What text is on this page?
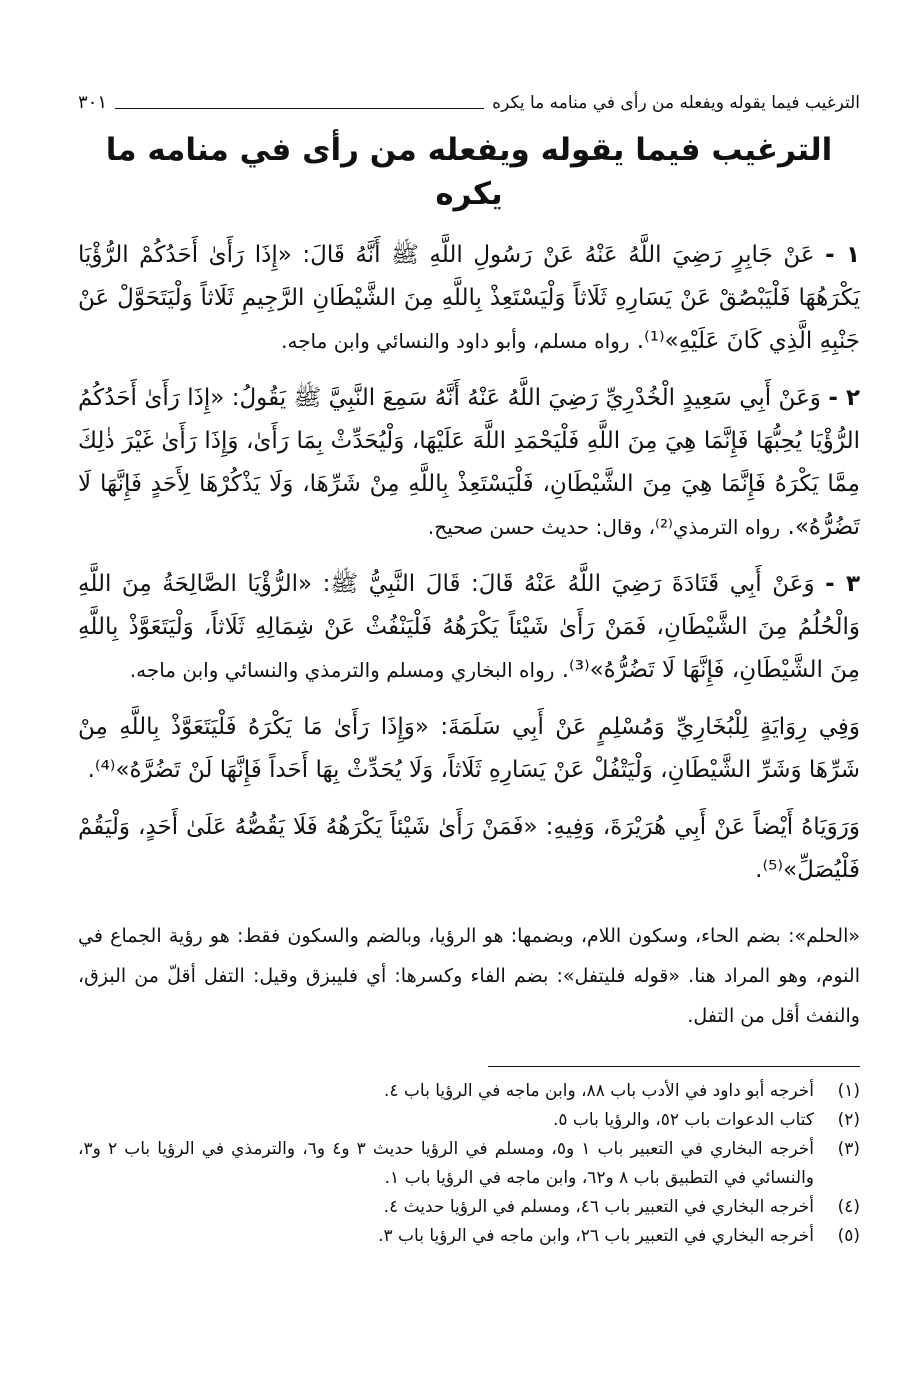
الترغيب فيما يقوله ويفعله من رأى في منامه ما يكره
٣٠١
الترغيب فيما يقوله ويفعله من رأى في منامه ما يكره

١ - عَنْ جَابِرٍ رَضِيَ اللَّهُ عَنْهُ عَنْ رَسُولِ اللَّهِ ﷺ أَنَّهُ قَالَ: «إِذَا رَأَىٰ أَحَدُكُمْ الرُّؤْيَا يَكْرَهُهَا فَلْيَبْصُقْ عَنْ يَسَارِهِ ثَلَاثاً وَلْيَسْتَعِذْ بِاللَّهِ مِنَ الشَّيْطَانِ الرَّجِيمِ ثَلَاثاً وَلْيَتَحَوَّلْ عَنْ جَنْبِهِ الَّذِي كَانَ عَلَيْهِ»⁽¹⁾. رواه مسلم، وأبو داود والنسائي وابن ماجه.

٢ - وَعَنْ أَبِي سَعِيدٍ الْخُدْرِيِّ رَضِيَ اللَّهُ عَنْهُ أَنَّهُ سَمِعَ النَّبِيَّ ﷺ يَقُولُ: «إِذَا رَأَىٰ أَحَدُكُمُ الرُّؤْيَا يُحِبُّهَا فَإِنَّمَا هِيَ مِنَ اللَّهِ فَلْيَحْمَدِ اللَّهَ عَلَيْهَا، وَلْيُحَدِّثْ بِمَا رَأَىٰ، وَإِذَا رَأَىٰ غَيْرَ ذٰلِكَ مِمَّا يَكْرَهُ فَإِنَّمَا هِيَ مِنَ الشَّيْطَانِ، فَلْيَسْتَعِذْ بِاللَّهِ مِنْ شَرِّهَا، وَلَا يَذْكُرْهَا لِأَحَدٍ فَإِنَّهَا لَا تَضُرُّهُ». رواه الترمذي⁽²⁾، وقال: حديث حسن صحيح.

٣ - وَعَنْ أَبِي قَتَادَةَ رَضِيَ اللَّهُ عَنْهُ قَالَ: قَالَ النَّبِيُّ ﷺ: «الرُّؤْيَا الصَّالِحَةُ مِنَ اللَّهِ وَالْحُلُمُ مِنَ الشَّيْطَانِ، فَمَنْ رَأَىٰ شَيْئاً يَكْرَهُهُ فَلْيَنْفُثْ عَنْ شِمَالِهِ ثَلَاثاً، وَلْيَتَعَوَّذْ بِاللَّهِ مِنَ الشَّيْطَانِ، فَإِنَّهَا لَا تَضُرُّهُ»⁽³⁾. رواه البخاري ومسلم والترمذي والنسائي وابن ماجه.

وَفِي رِوَايَةٍ لِلْبُخَارِيِّ وَمُسْلِمٍ عَنْ أَبِي سَلَمَةَ: «وَإِذَا رَأَىٰ مَا يَكْرَهُ فَلْيَتَعَوَّذْ بِاللَّهِ مِنْ شَرِّهَا وَشَرِّ الشَّيْطَانِ، وَلْيَتْفُلْ عَنْ يَسَارِهِ ثَلَاثاً، وَلَا يُحَدِّثْ بِهَا أَحَداً فَإِنَّهَا لَنْ تَضُرَّهُ»⁽⁴⁾.

وَرَوَيَاهُ أَيْضاً عَنْ أَبِي هُرَيْرَةَ، وَفِيهِ: «فَمَنْ رَأَىٰ شَيْئاً يَكْرَهُهُ فَلَا يَقُصُّهُ عَلَىٰ أَحَدٍ، وَلْيَقُمْ فَلْيُصَلِّ»⁽⁵⁾.

«الحلم»: بضم الحاء، وسكون اللام، وبضمها: هو الرؤيا، وبالضم والسكون فقط: هو رؤية الجماع في النوم، وهو المراد هنا. «قوله فليتفل»: بضم الفاء وكسرها: أي فليبزق وقيل: التفل أقلّ من البزق، والنفث أقل من التفل.

(١)
أخرجه أبو داود في الأدب باب ٨٨، وابن ماجه في الرؤيا باب ٤.
(٢)
كتاب الدعوات باب ٥٢، والرؤيا باب ٥.
(٣)
أخرجه البخاري في التعبير باب ١ و٥، ومسلم في الرؤيا حديث ٣ و٤ و٦، والترمذي في الرؤيا باب ٢ و٣، والنسائي في التطبيق باب ٨ و٦٢، وابن ماجه في الرؤيا باب ١.
(٤)
أخرجه البخاري في التعبير باب ٤٦، ومسلم في الرؤيا حديث ٤.
(٥)
أخرجه البخاري في التعبير باب ٢٦، وابن ماجه في الرؤيا باب ٣.
